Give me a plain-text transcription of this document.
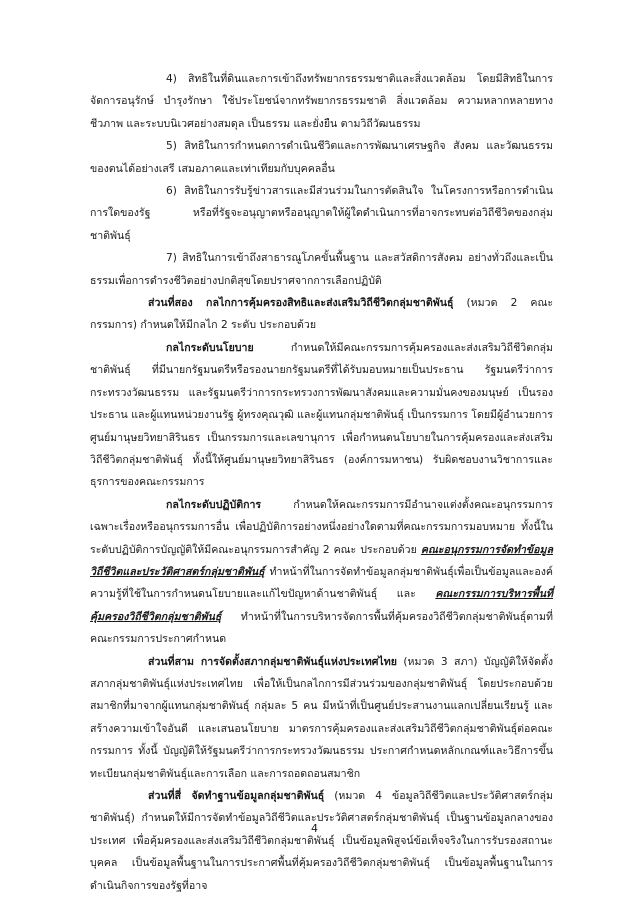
4) สิทธิในที่ดินและการเข้าถึงทรัพยากรธรรมชาติและสิ่งแวดล้อม โดยมีสิทธิในการจัดการอนุรักษ์ บำรุงรักษา ใช้ประโยชน์จากทรัพยากรธรรมชาติ สิ่งแวดล้อม ความหลากหลายทางชีวภาพ และระบบนิเวศอย่างสมดุล เป็นธรรม และยั่งยืน ตามวิถีวัฒนธรรม

5) สิทธิในการกำหนดการดำเนินชีวิตและการพัฒนาเศรษฐกิจ สังคม และวัฒนธรรมของตนได้อย่างเสรี เสมอภาคและเท่าเทียมกับบุคคลอื่น

6) สิทธิในการรับรู้ข่าวสารและมีส่วนร่วมในการตัดสินใจ ในโครงการหรือการดำเนินการใดของรัฐ หรือที่รัฐจะอนุญาตหรืออนุญาตให้ผู้ใดดำเนินการที่อาจกระทบต่อวิถีชีวิตของกลุ่มชาติพันธุ์

7) สิทธิในการเข้าถึงสาธารณูโภคขั้นพื้นฐาน และสวัสดิการสังคม อย่างทั่วถึงและเป็นธรรมเพื่อการดำรงชีวิตอย่างปกติสุขโดยปราศจากการเลือกปฏิบัติ

ส่วนที่สอง กลไกการคุ้มครองสิทธิและส่งเสริมวิถีชีวิตกลุ่มชาติพันธุ์ (หมวด 2 คณะกรรมการ) กำหนดให้มีกลไก 2 ระดับ ประกอบด้วย

กลไกระดับนโยบาย กำหนดให้มีคณะกรรมการคุ้มครองและส่งเสริมวิถีชีวิตกลุ่มชาติพันธุ์ ที่มีนายกรัฐมนตรีหรือรองนายกรัฐมนตรีที่ได้รับมอบหมายเป็นประธาน รัฐมนตรีว่าการกระทรวงวัฒนธรรม และรัฐมนตรีว่าการกระทรวงการพัฒนาสังคมและความมั่นคงของมนุษย์ เป็นรองประธาน และผู้แทนหน่วยงานรัฐ ผู้ทรงคุณวุฒิ และผู้แทนกลุ่มชาติพันธุ์ เป็นกรรมการ โดยมีผู้อำนวยการศูนย์มานุษยวิทยาสิรินธร เป็นกรรมการและเลขานุการ เพื่อกำหนดนโยบายในการคุ้มครองและส่งเสริมวิถีชีวิตกลุ่มชาติพันธุ์ ทั้งนี้ให้ศูนย์มานุษยวิทยาสิรินธร (องค์การมหาชน) รับผิดชอบงานวิชาการและธุรการของคณะกรรมการ

กลไกระดับปฏิบัติการ กำหนดให้คณะกรรมการมีอำนาจแต่งตั้งคณะอนุกรรมการเฉพาะเรื่องหรืออนุกรรมการอื่น เพื่อปฏิบัติการอย่างหนึ่งอย่างใดตามที่คณะกรรมการมอบหมาย ทั้งนี้ในระดับปฏิบัติการบัญญัติให้มีคณะอนุกรรมการสำคัญ 2 คณะ ประกอบด้วย คณะอนุกรรมการจัดทำข้อมูลวิถีชีวิตและประวัติศาสตร์กลุ่มชาติพันธุ์ ทำหน้าที่ในการจัดทำข้อมูลกลุ่มชาติพันธุ์เพื่อเป็นข้อมูลและองค์ความรู้ที่ใช้ในการกำหนดนโยบายและแก้ไขปัญหาด้านชาติพันธุ์ และ คณะกรรมการบริหารพื้นที่คุ้มครองวิถีชีวิตกลุ่มชาติพันธุ์ ทำหน้าที่ในการบริหารจัดการพื้นที่คุ้มครองวิถีชีวิตกลุ่มชาติพันธุ์ตามที่คณะกรรมการประกาศกำหนด

ส่วนที่สาม การจัดตั้งสภากลุ่มชาติพันธุ์แห่งประเทศไทย (หมวด 3 สภา) บัญญัติให้จัดตั้งสภากลุ่มชาติพันธุ์แห่งประเทศไทย เพื่อให้เป็นกลไกการมีส่วนร่วมของกลุ่มชาติพันธุ์ โดยประกอบด้วยสมาชิกที่มาจากผู้แทนกลุ่มชาติพันธุ์ กลุ่มละ 5 คน มีหน้าที่เป็นศูนย์ประสานงานแลกเปลี่ยนเรียนรู้ และสร้างความเข้าใจอันดี และเสนอนโยบาย มาตรการคุ้มครองและส่งเสริมวิถีชีวิตกลุ่มชาติพันธุ์ต่อคณะกรรมการ ทั้งนี้ บัญญัติให้รัฐมนตรีว่าการกระทรวงวัฒนธรรม ประกาศกำหนดหลักเกณฑ์และวิธีการขึ้นทะเบียนกลุ่มชาติพันธุ์และการเลือก และการถอดถอนสมาชิก

ส่วนที่สี่ จัดทำฐานข้อมูลกลุ่มชาติพันธุ์ (หมวด 4 ข้อมูลวิถีชีวิตและประวัติศาสตร์กลุ่มชาติพันธุ์) กำหนดให้มีการจัดทำข้อมูลวิถีชีวิตและประวัติศาสตร์กลุ่มชาติพันธุ์ เป็นฐานข้อมูลกลางของประเทศ เพื่อคุ้มครองและส่งเสริมวิถีชีวิตกลุ่มชาติพันธุ์ เป็นข้อมูลพิสูจน์ข้อเท็จจริงในการรับรองสถานะบุคคล เป็นข้อมูลพื้นฐานในการประกาศพื้นที่คุ้มครองวิถีชีวิตกลุ่มชาติพันธุ์ เป็นข้อมูลพื้นฐานในการดำเนินกิจการของรัฐที่อาจ

4
